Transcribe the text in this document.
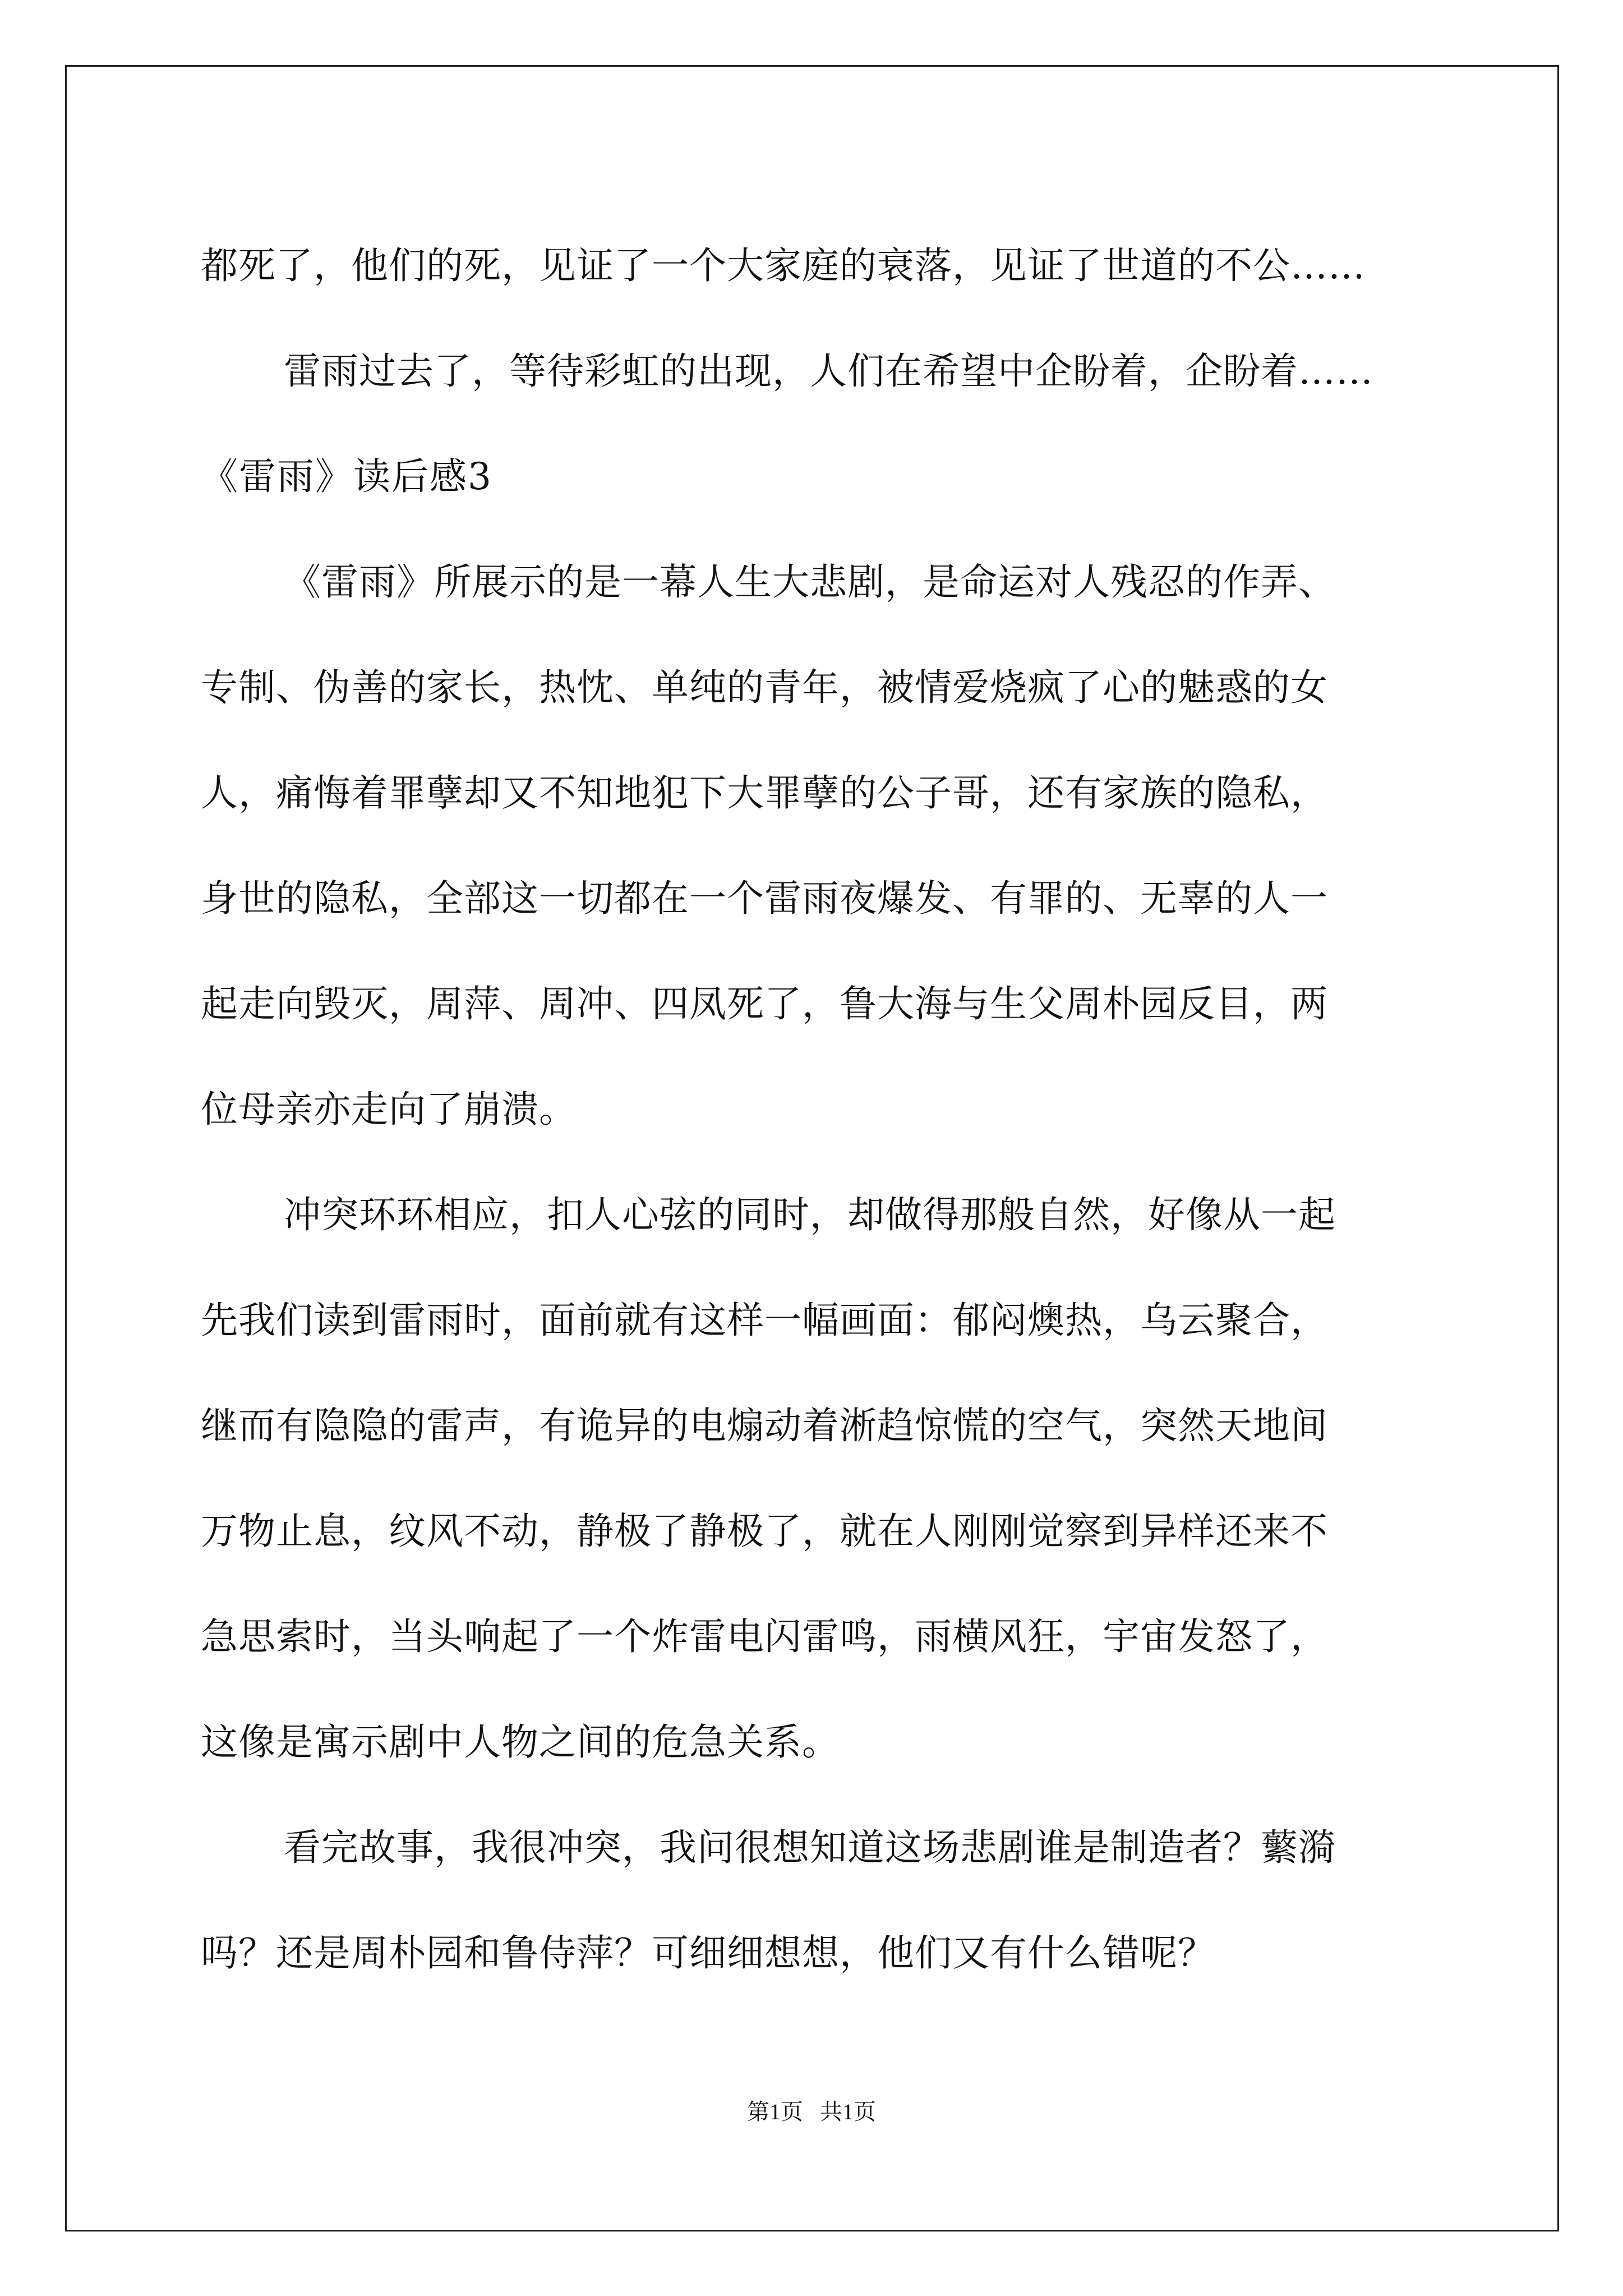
都死了，他们的死，见证了一个大家庭的衰落，见证了世道的不公……
雷雨过去了，等待彩虹的出现，人们在希望中企盼着，企盼着……
《雷雨》读后感3
《雷雨》所展示的是一幕人生大悲剧，是命运对人残忍的作弄、
专制、伪善的家长，热忱、单纯的青年，被情爱烧疯了心的魅惑的女
人，痛悔着罪孽却又不知地犯下大罪孽的公子哥，还有家族的隐私，
身世的隐私，全部这一切都在一个雷雨夜爆发、有罪的、无辜的人一
起走向毁灭，周萍、周冲、四凤死了，鲁大海与生父周朴园反目，两
位母亲亦走向了崩溃。
冲突环环相应，扣人心弦的同时，却做得那般自然，好像从一起
先我们读到雷雨时，面前就有这样一幅画面：郁闷燠热，乌云聚合，
继而有隐隐的雷声，有诡异的电煽动着淅趋惊慌的空气，突然天地间
万物止息，纹风不动，静极了静极了，就在人刚刚觉察到异样还来不
急思索时，当头响起了一个炸雷电闪雷鸣，雨横风狂，宇宙发怒了，
这像是寓示剧中人物之间的危急关系。
看完故事，我很冲突，我问很想知道这场悲剧谁是制造者？蘩漪
吗？还是周朴园和鲁侍萍？可细细想想，他们又有什么错呢？
第1页   共1页
